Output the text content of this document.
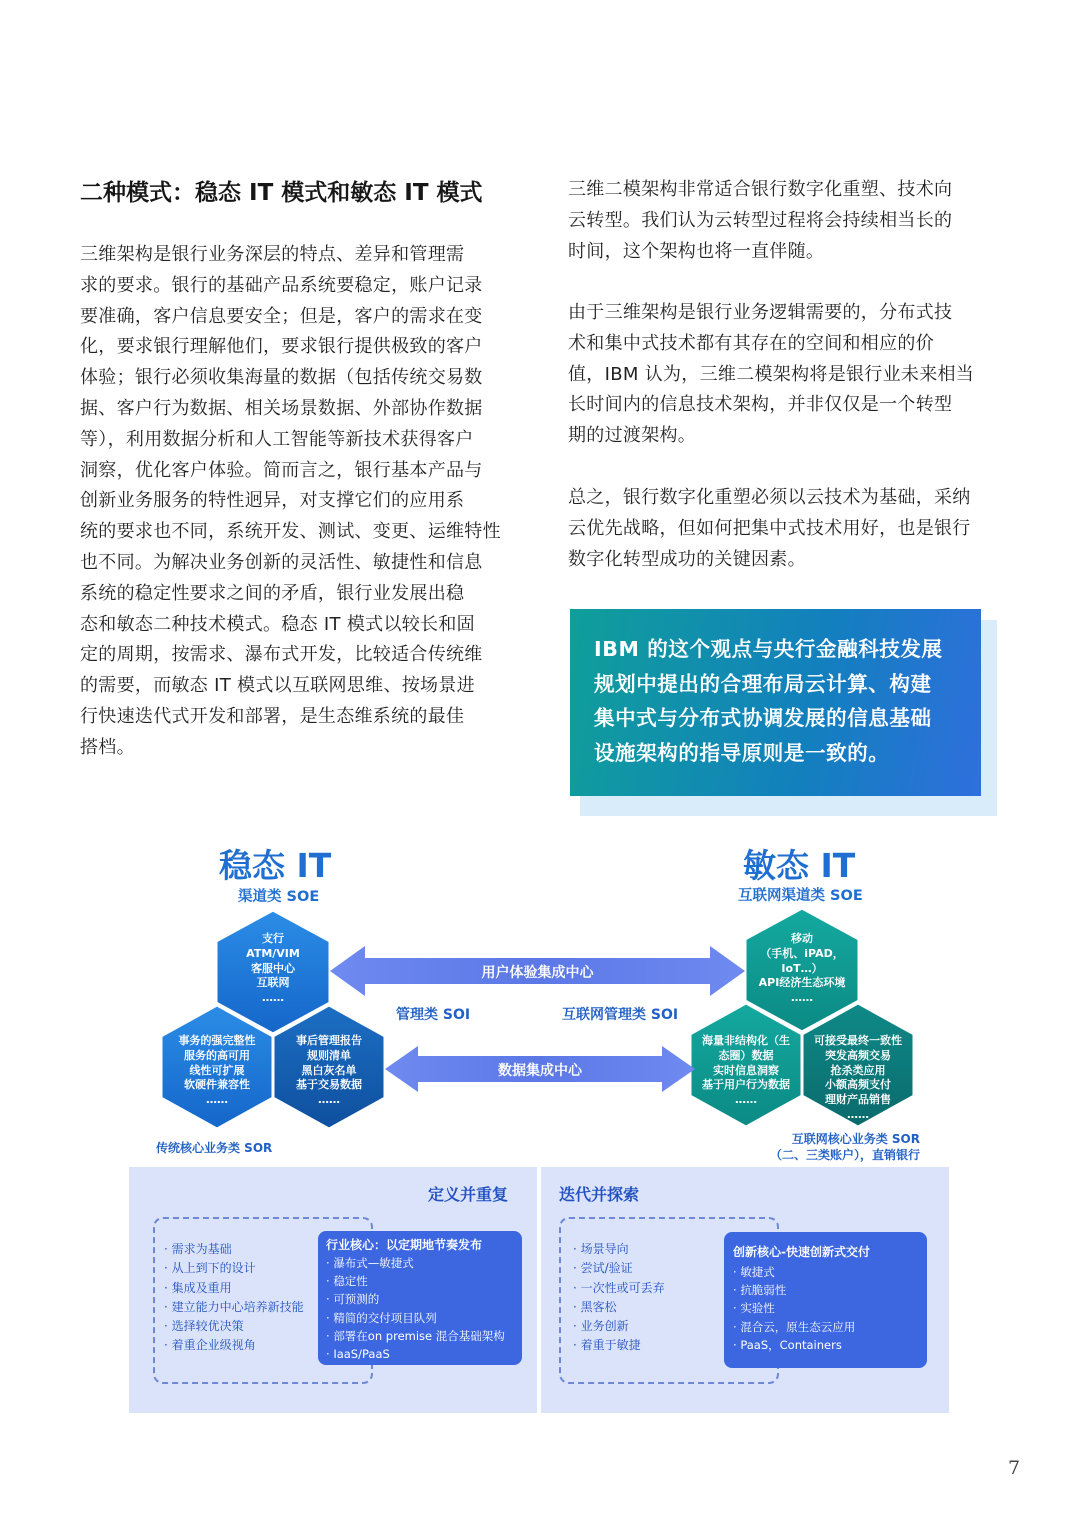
二种模式：稳态 IT 模式和敏态 IT 模式
三维架构是银行业务深层的特点、差异和管理需
求的要求。银行的基础产品系统要稳定，账户记录
要准确，客户信息要安全；但是，客户的需求在变
化，要求银行理解他们，要求银行提供极致的客户
体验；银行必须收集海量的数据（包括传统交易数
据、客户行为数据、相关场景数据、外部协作数据
等），利用数据分析和人工智能等新技术获得客户
洞察，优化客户体验。简而言之，银行基本产品与
创新业务服务的特性迥异，对支撑它们的应用系
统的要求也不同，系统开发、测试、变更、运维特性
也不同。为解决业务创新的灵活性、敏捷性和信息
系统的稳定性要求之间的矛盾，银行业发展出稳
态和敏态二种技术模式。稳态 IT 模式以较长和固
定的周期，按需求、瀑布式开发，比较适合传统维
的需要，而敏态 IT 模式以互联网思维、按场景进
行快速迭代式开发和部署，是生态维系统的最佳
搭档。

三维二模架构非常适合银行数字化重塑、技术向
云转型。我们认为云转型过程将会持续相当长的
时间，这个架构也将一直伴随。

由于三维架构是银行业务逻辑需要的，分布式技
术和集中式技术都有其存在的空间和相应的价
值，IBM 认为，三维二模架构将是银行业未来相当
长时间内的信息技术架构，并非仅仅是一个转型
期的过渡架构。

总之，银行数字化重塑必须以云技术为基础，采纳
云优先战略，但如何把集中式技术用好，也是银行
数字化转型成功的关键因素。

IBM 的这个观点与央行金融科技发展
规划中提出的合理布局云计算、构建
集中式与分布式协调发展的信息基础
设施架构的指导原则是一致的。
稳态 IT
渠道类 SOE
敏态 IT
互联网渠道类 SOE
支行
ATM/VIM
客服中心
互联网
……
事务的强完整性
服务的高可用
线性可扩展
软硬件兼容性
……
事后管理报告
规则清单
黑白灰名单
基于交易数据
……
移动
（手机、iPAD，
IoT…）
API经济生态环境
……
海量非结构化（生
态圈）数据
实时信息洞察
基于用户行为数据
……
可接受最终一致性
突发高频交易
抢杀类应用
小额高频支付
理财产品销售
……
用户体验集成中心
数据集成中心
管理类 SOI	互联网管理类 SOI
传统核心业务类 SOR
互联网核心业务类 SOR
（二、三类账户），直销银行
定义并重复	迭代并探索
· 需求为基础
· 从上到下的设计
· 集成及重用
· 建立能力中心培养新技能
· 选择较优决策
· 着重企业级视角
· 场景导向
· 尝试/验证
· 一次性或可丢弃
· 黑客松
· 业务创新
· 着重于敏捷
行业核心：以定期地节奏发布
· 瀑布式—敏捷式
· 稳定性
· 可预测的
· 精简的交付项目队列
· 部署在on premise 混合基础架构
· IaaS/PaaS
创新核心-快速创新式交付
· 敏捷式
· 抗脆弱性
· 实验性
· 混合云，原生态云应用
· PaaS，Containers
7
